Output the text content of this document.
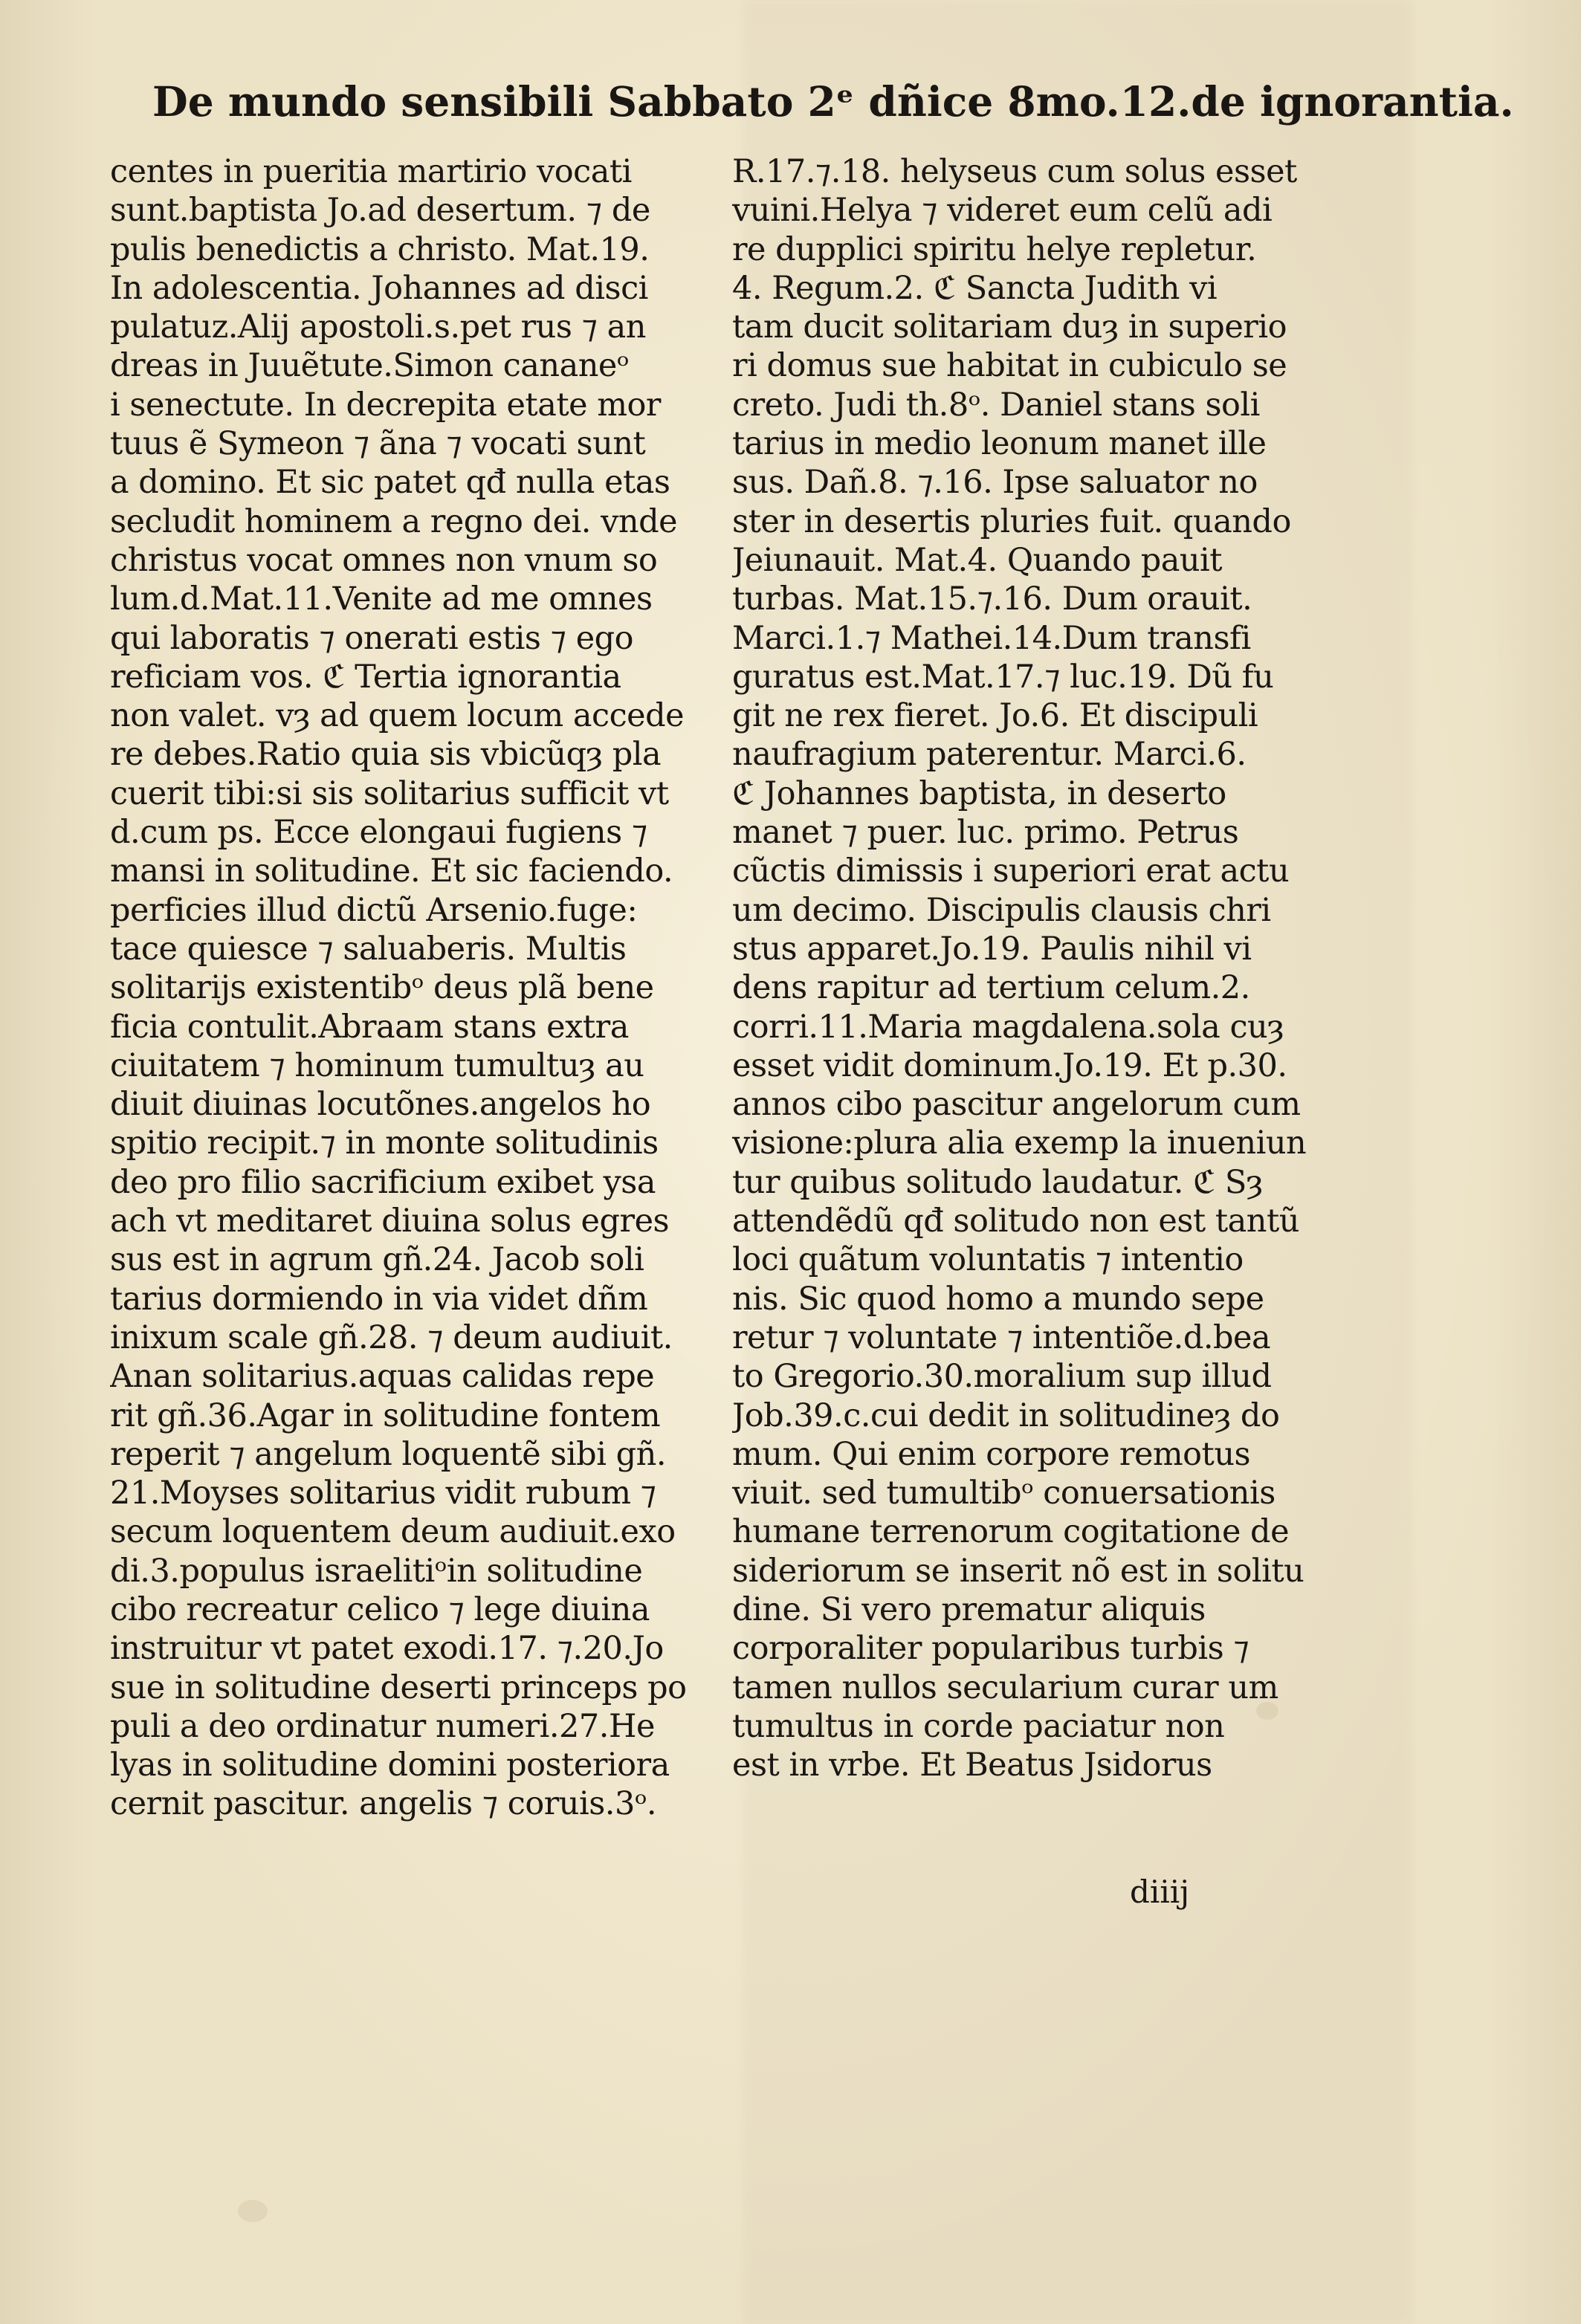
De mundo sensibili Sabbato 2ᵉ dñice 8mo.12.de ignorantia.
centes in pueritia martirio vocati
sunt.baptista Jo.ad desertum. ⁊ de
pulis benedictis a christo. Mat.19.
In adolescentia. Johannes ad disci
pulatuz.Alij apostoli.s.pet rus ⁊ an
dreas in Juuẽtute.Simon cananeᵒ
i senectute. In decrepita etate mor
tuus ẽ Symeon ⁊ ãna ⁊ vocati sunt
a domino. Et sic patet qđ nulla etas
secludit hominem a regno dei. vnde
christus vocat omnes non vnum so
lum.d.Mat.11.Venite ad me omnes
qui laboratis ⁊ onerati estis ⁊ ego
reficiam vos. ℭ Tertia ignorantia
non valet. vȝ ad quem locum accede
re debes.Ratio quia sis vbicũqȝ pla
cuerit tibi:si sis solitarius sufficit vt
d.cum ps. Ecce elongaui fugiens ⁊
mansi in solitudine. Et sic faciendo.
perficies illud dictũ Arsenio.fuge:
tace quiesce ⁊ saluaberis. Multis
solitarijs existentibᵒ deus plã bene
ficia contulit.Abraam stans extra
ciuitatem ⁊ hominum tumultuȝ au
diuit diuinas locutõnes.angelos ho
spitio recipit.⁊ in monte solitudinis
deo pro filio sacrificium exibet ysa
ach vt meditaret diuina solus egres
sus est in agrum gñ.24. Jacob soli
tarius dormiendo in via videt dñm
inixum scale gñ.28. ⁊ deum audiuit.
Anan solitarius.aquas calidas repe
rit gñ.36.Agar in solitudine fontem
reperit ⁊ angelum loquentẽ sibi gñ.
21.Moyses solitarius vidit rubum ⁊
secum loquentem deum audiuit.exo
di.3.populus israelitiᵒin solitudine
cibo recreatur celico ⁊ lege diuina
instruitur vt patet exodi.17. ⁊.20.Jo
sue in solitudine deserti princeps po
puli a deo ordinatur numeri.27.He
lyas in solitudine domini posteriora
cernit pascitur. angelis ⁊ coruis.3ᵒ.
R.17.⁊.18. helyseus cum solus esset
vuini.Helya ⁊ videret eum celũ adi
re dupplici spiritu helye repletur.
4. Regum.2. ℭ Sancta Judith vi
tam ducit solitariam duȝ in superio
ri domus sue habitat in cubiculo se
creto. Judi th.8ᵒ. Daniel stans soli
tarius in medio leonum manet ille
sus. Dañ.8. ⁊.16. Ipse saluator no
ster in desertis pluries fuit. quando
Jeiunauit. Mat.4. Quando pauit
turbas. Mat.15.⁊.16. Dum orauit.
Marci.1.⁊ Mathei.14.Dum transfi
guratus est.Mat.17.⁊ luc.19. Dũ fu
git ne rex fieret. Jo.6. Et discipuli
naufragium paterentur. Marci.6.
ℭ Johannes baptista, in deserto
manet ⁊ puer. luc. primo. Petrus
cũctis dimissis i superiori erat actu
um decimo. Discipulis clausis chri
stus apparet.Jo.19. Paulis nihil vi
dens rapitur ad tertium celum.2.
corri.11.Maria magdalena.sola cuȝ
esset vidit dominum.Jo.19. Et p.30.
annos cibo pascitur angelorum cum
visione:plura alia exemp la inueniun
tur quibus solitudo laudatur. ℭ Sȝ
attendẽdũ qđ solitudo non est tantũ
loci quãtum voluntatis ⁊ intentio
nis. Sic quod homo a mundo sepe
retur ⁊ voluntate ⁊ intentiõe.d.bea
to Gregorio.30.moralium sup illud
Job.39.c.cui dedit in solitudineȝ do
mum. Qui enim corpore remotus
viuit. sed tumultibᵒ conuersationis
humane terrenorum cogitatione de
sideriorum se inserit nõ est in solitu
dine. Si vero prematur aliquis
corporaliter popularibus turbis ⁊
tamen nullos secularium curar um
tumultus in corde paciatur non
est in vrbe. Et Beatus Jsidorus
diiij
